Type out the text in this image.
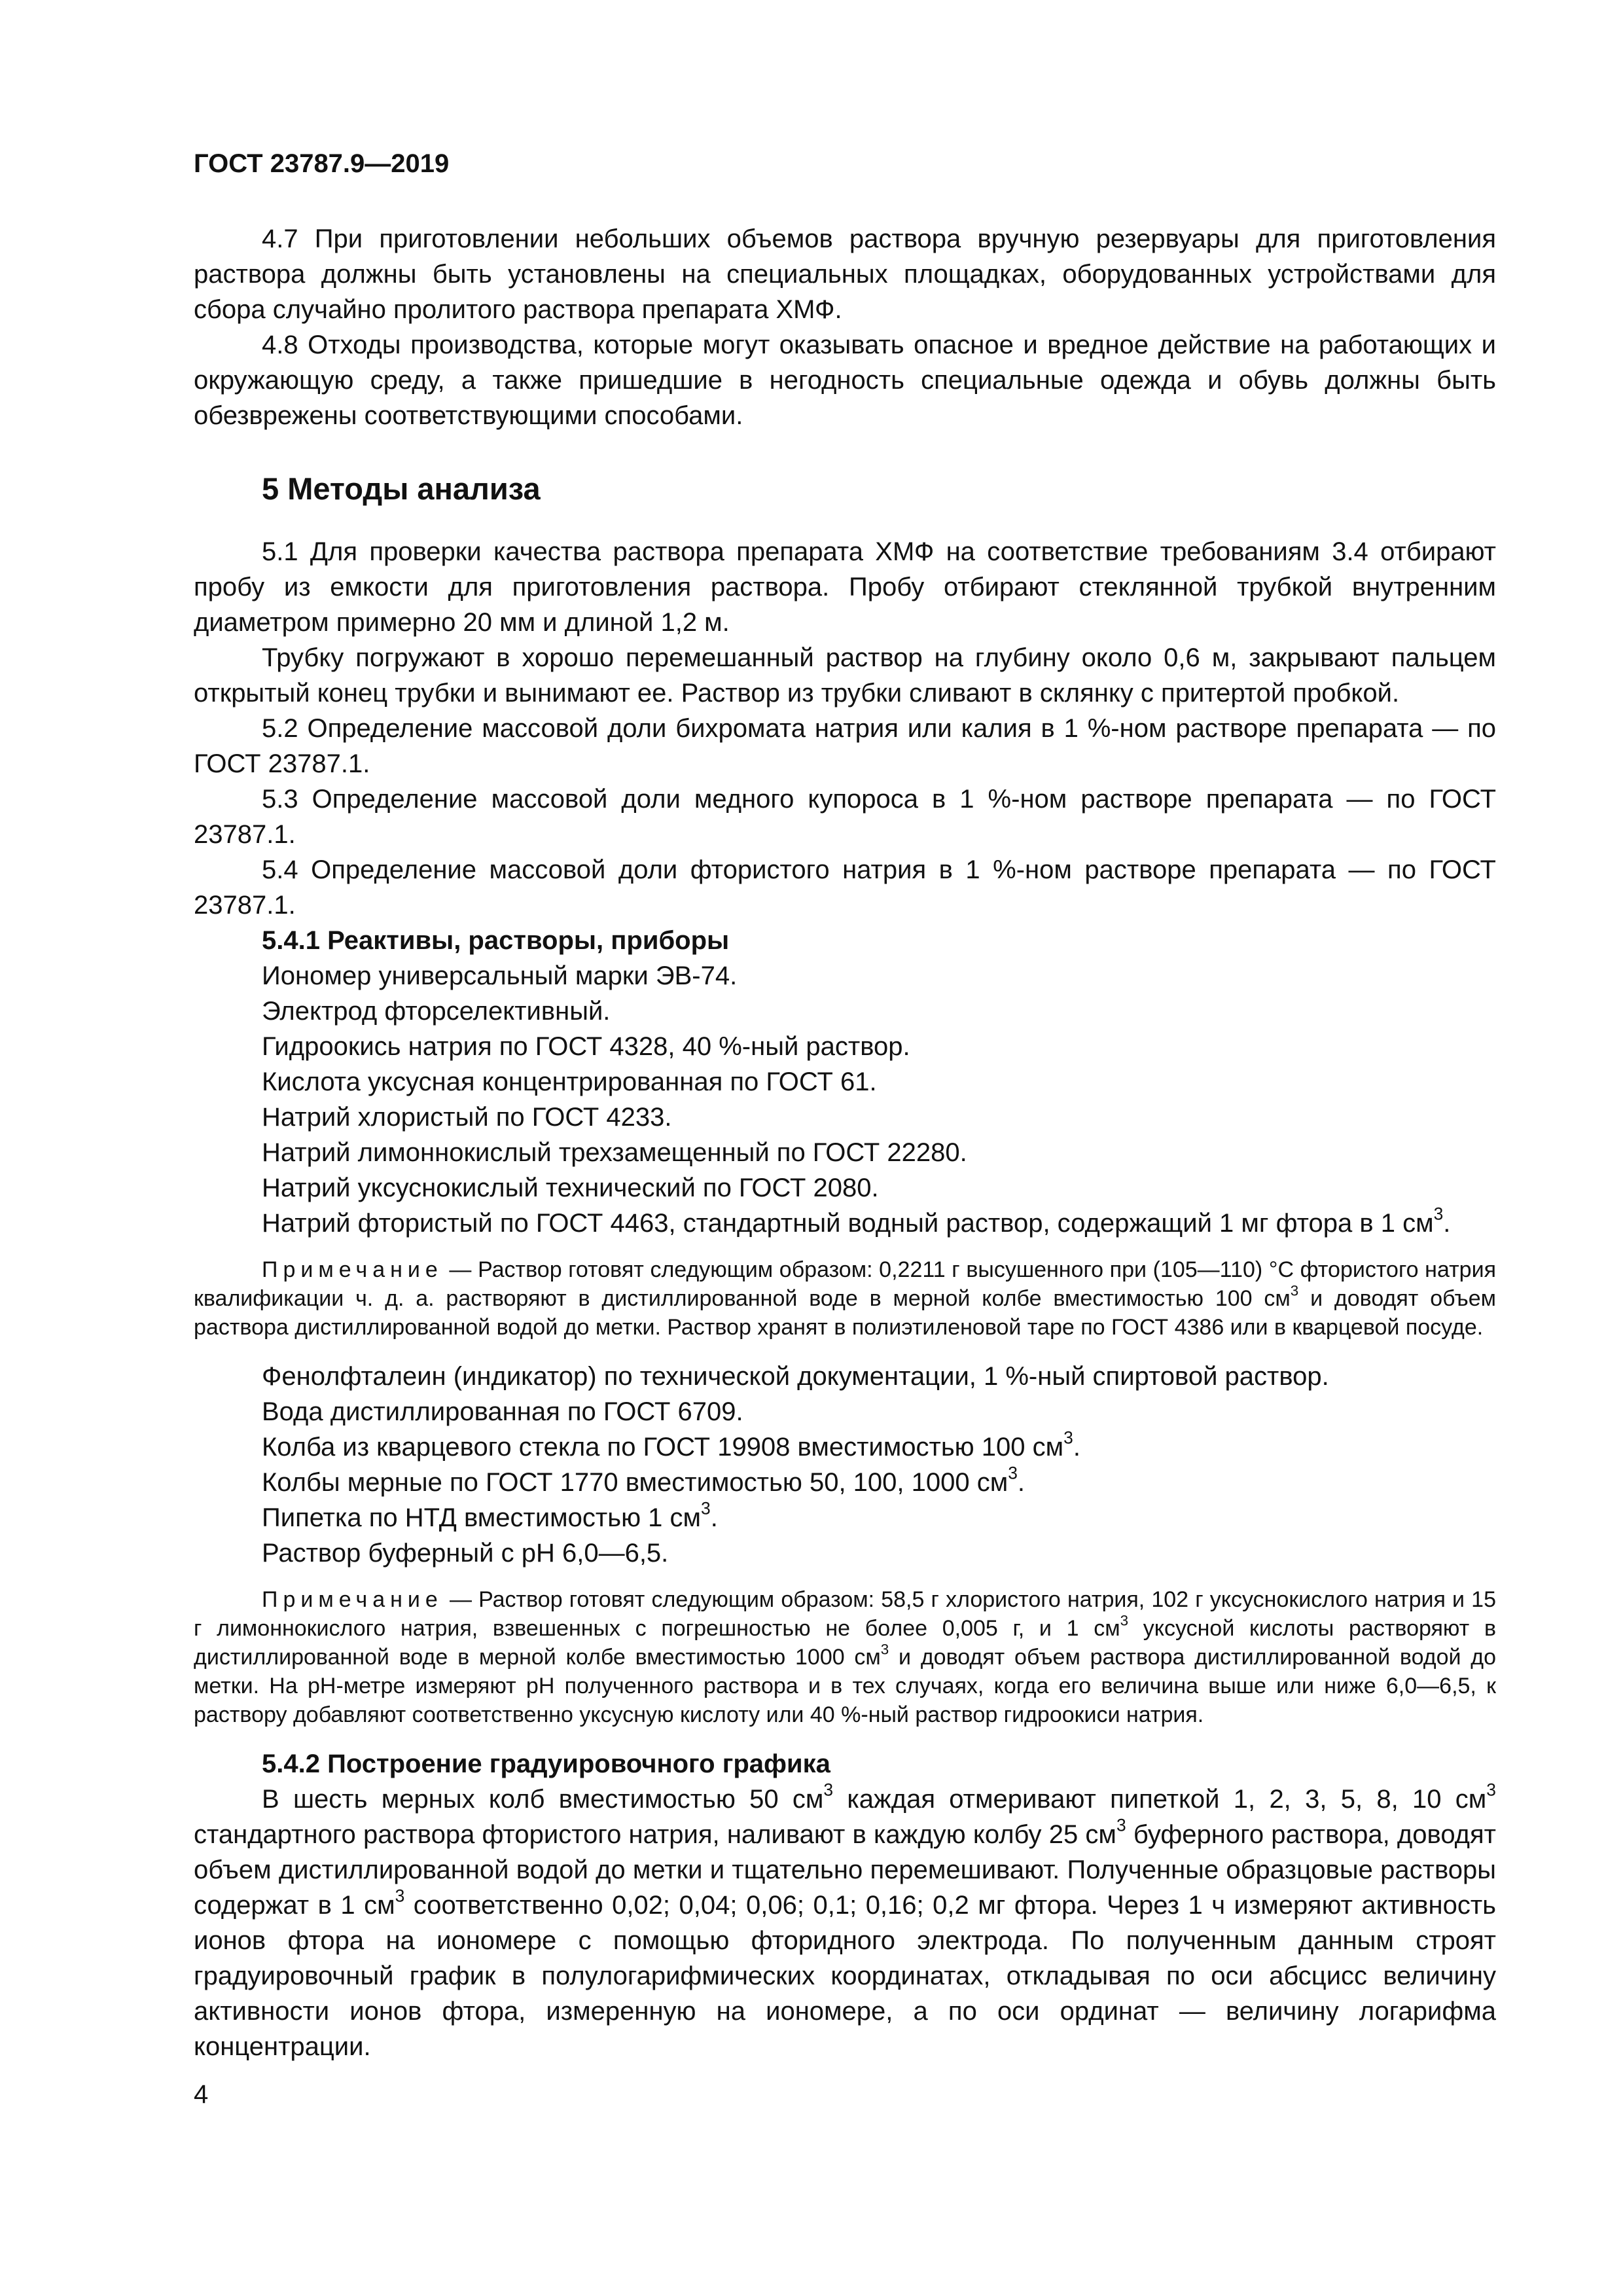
ГОСТ 23787.9—2019

4.7 При приготовлении небольших объемов раствора вручную резервуары для приготовления раствора должны быть установлены на специальных площадках, оборудованных устройствами для сбора случайно пролитого раствора препарата ХМФ.

4.8 Отходы производства, которые могут оказывать опасное и вредное действие на работающих и окружающую среду, а также пришедшие в негодность специальные одежда и обувь должны быть обезврежены соответствующими способами.

5 Методы анализа

5.1 Для проверки качества раствора препарата ХМФ на соответствие требованиям 3.4 отбирают пробу из емкости для приготовления раствора. Пробу отбирают стеклянной трубкой внутренним диаметром примерно 20 мм и длиной 1,2 м.

Трубку погружают в хорошо перемешанный раствор на глубину около 0,6 м, закрывают пальцем открытый конец трубки и вынимают ее. Раствор из трубки сливают в склянку с притертой пробкой.

5.2 Определение массовой доли бихромата натрия или калия в 1 %-ном растворе препарата — по ГОСТ 23787.1.

5.3 Определение массовой доли медного купороса в 1 %-ном растворе препарата — по ГОСТ 23787.1.

5.4 Определение массовой доли фтористого натрия в 1 %-ном растворе препарата — по ГОСТ 23787.1.

5.4.1 Реактивы, растворы, приборы

Иономер универсальный марки ЭВ-74.

Электрод фторселективный.

Гидроокись натрия по ГОСТ 4328, 40 %-ный раствор.

Кислота уксусная концентрированная по ГОСТ 61.

Натрий хлористый по ГОСТ 4233.

Натрий лимоннокислый трехзамещенный по ГОСТ 22280.

Натрий уксуснокислый технический по ГОСТ 2080.

Натрий фтористый по ГОСТ 4463, стандартный водный раствор, содержащий 1 мг фтора в 1 $см^3$.

Примечание — Раствор готовят следующим образом: 0,2211 г высушенного при (105—110) °С фтористого натрия квалификации ч. д. а. растворяют в дистиллированной воде в мерной колбе вместимостью 100 $см^3$ и доводят объем раствора дистиллированной водой до метки. Раствор хранят в полиэтиленовой таре по ГОСТ 4386 или в кварцевой посуде.

Фенолфталеин (индикатор) по технической документации, 1 %-ный спиртовой раствор.

Вода дистиллированная по ГОСТ 6709.

Колба из кварцевого стекла по ГОСТ 19908 вместимостью 100 $см^3$.

Колбы мерные по ГОСТ 1770 вместимостью 50, 100, 1000 $см^3$.

Пипетка по НТД вместимостью 1 $см^3$.

Раствор буферный с рН 6,0—6,5.

Примечание — Раствор готовят следующим образом: 58,5 г хлористого натрия, 102 г уксуснокислого натрия и 15 г лимоннокислого натрия, взвешенных с погрешностью не более 0,005 г, и 1 $см^3$ уксусной кислоты растворяют в дистиллированной воде в мерной колбе вместимостью 1000 $см^3$ и доводят объем раствора дистиллированной водой до метки. На рН-метре измеряют рН полученного раствора и в тех случаях, когда его величина выше или ниже 6,0—6,5, к раствору добавляют соответственно уксусную кислоту или 40 %-ный раствор гидроокиси натрия.

5.4.2 Построение градуировочного графика

В шесть мерных колб вместимостью 50 $см^3$ каждая отмеривают пипеткой 1, 2, 3, 5, 8, 10 $см^3$ стандартного раствора фтористого натрия, наливают в каждую колбу 25 $см^3$ буферного раствора, доводят объем дистиллированной водой до метки и тщательно перемешивают. Полученные образцовые растворы содержат в 1 $см^3$ соответственно 0,02; 0,04; 0,06; 0,1; 0,16; 0,2 мг фтора. Через 1 ч измеряют активность ионов фтора на иономере с помощью фторидного электрода. По полученным данным строят градуировочный график в полулогарифмических координатах, откладывая по оси абсцисс величину активности ионов фтора, измеренную на иономере, а по оси ординат — величину логарифма концентрации.

4
